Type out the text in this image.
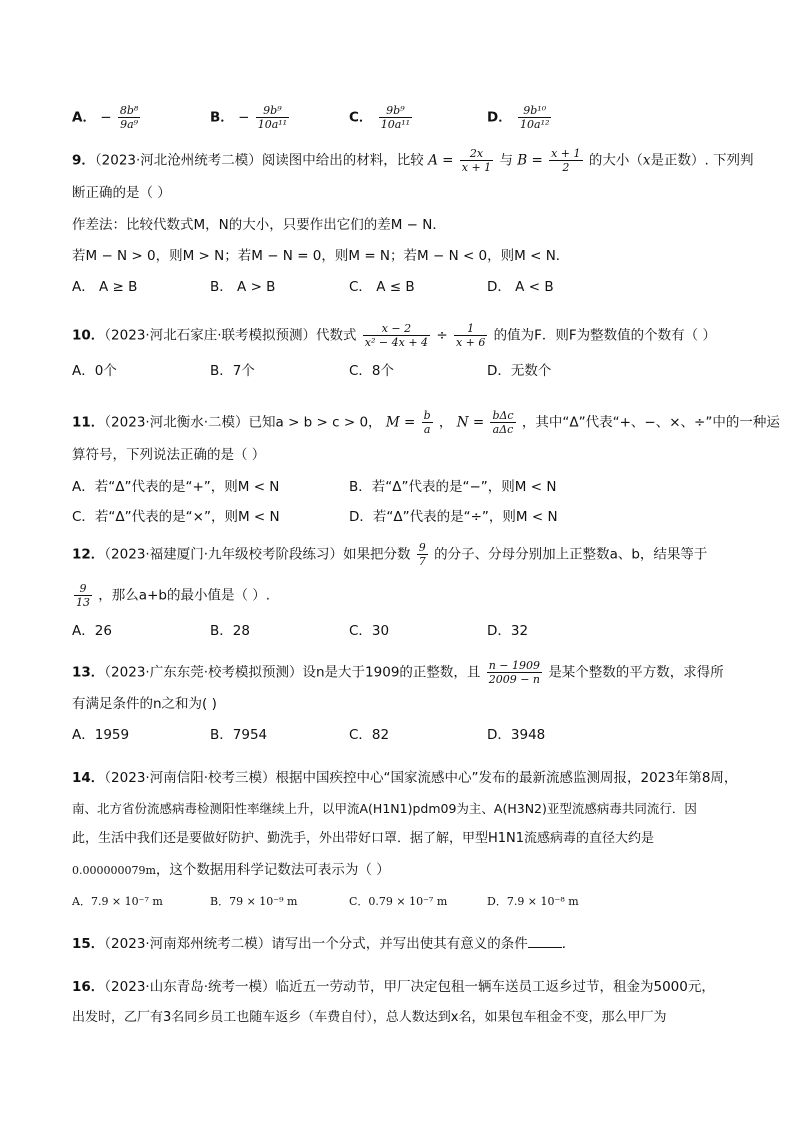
A． − $\frac{\text{8b⁸}}{\text{9a⁹}}$	B． − $\frac{\text{9b⁹}}{\text{10a¹¹}}$	C． $\frac{\text{9b⁹}}{\text{10a¹¹}}$	D． $\frac{\text{9b¹⁰}}{\text{10a¹²}}$
9．（2023·河北沧州统考二模）阅读图中给出的材料，比较 $A = \frac{2x}{x + 1}$ 与 $B = \frac{x + 1}{2}$ 的大小（x是正数）. 下列判
断正确的是（ ）
作差法：比较代数式M，N的大小，只要作出它们的差M − N．
若M − N > 0，则M > N；若M − N = 0，则M = N；若M − N < 0，则M < N．
A． A ≥ B	B． A > B	C． A ≤ B	D． A < B
10．（2023·河北石家庄·联考模拟预测）代数式 $\frac{x - 2}{\text{x² − 4x + 4}} \div \frac{1}{x + 6}$ 的值为F．则F为整数值的个数有（ ）
A．0个	B．7个	C．8个	D．无数个
11．（2023·河北衡水·二模）已知a > b > c > 0， $M = \frac{b}{a}$ ， $N = \frac{\text{bΔc}}{\text{aΔc}}$ ，其中“Δ”代表“+、−、×、÷”中的一种运
算符号，下列说法正确的是（ ）
A．若“Δ”代表的是“+”，则M < N	B．若“Δ”代表的是“−”，则M < N
C．若“Δ”代表的是“×”，则M < N	D．若“Δ”代表的是“÷”，则M < N
12．（2023·福建厦门·九年级校考阶段练习）如果把分数 $\frac{9}{7}$ 的分子、分母分别加上正整数a、b，结果等于
$\frac{9}{13}$ ，那么a+b的最小值是（ ）.
A．26	B．28	C．30	D．32
13．（2023·广东东莞·校考模拟预测）设n是大于1909的正整数，且 $\frac{n - 1909}{2009 - n}$ 是某个整数的平方数，求得所
有满足条件的n之和为( )
A．1959	B．7954	C．82	D．3948
14．（2023·河南信阳·校考三模）根据中国疾控中心“国家流感中心”发布的最新流感监测周报，2023年第8周，
南、北方省份流感病毒检测阳性率继续上升，以甲流A(H1N1)pdm09为主、A(H3N2)亚型流感病毒共同流行．因
此，生活中我们还是要做好防护、勤洗手，外出带好口罩．据了解，甲型H1N1流感病毒的直径大约是
0.000000079m，这个数据用科学记数法可表示为（ ）
A．7.9 × 10⁻⁷ m	B．79 × 10⁻⁹ m	C．0.79 × 10⁻⁷ m	D．7.9 × 10⁻⁸ m
15．（2023·河南郑州统考二模）请写出一个分式，并写出使其有意义的条件	．
16．（2023·山东青岛·统考一模）临近五一劳动节，甲厂决定包租一辆车送员工返乡过节，租金为5000元，
出发时，乙厂有3名同乡员工也随车返乡（车费自付），总人数达到x名，如果包车租金不变，那么甲厂为
